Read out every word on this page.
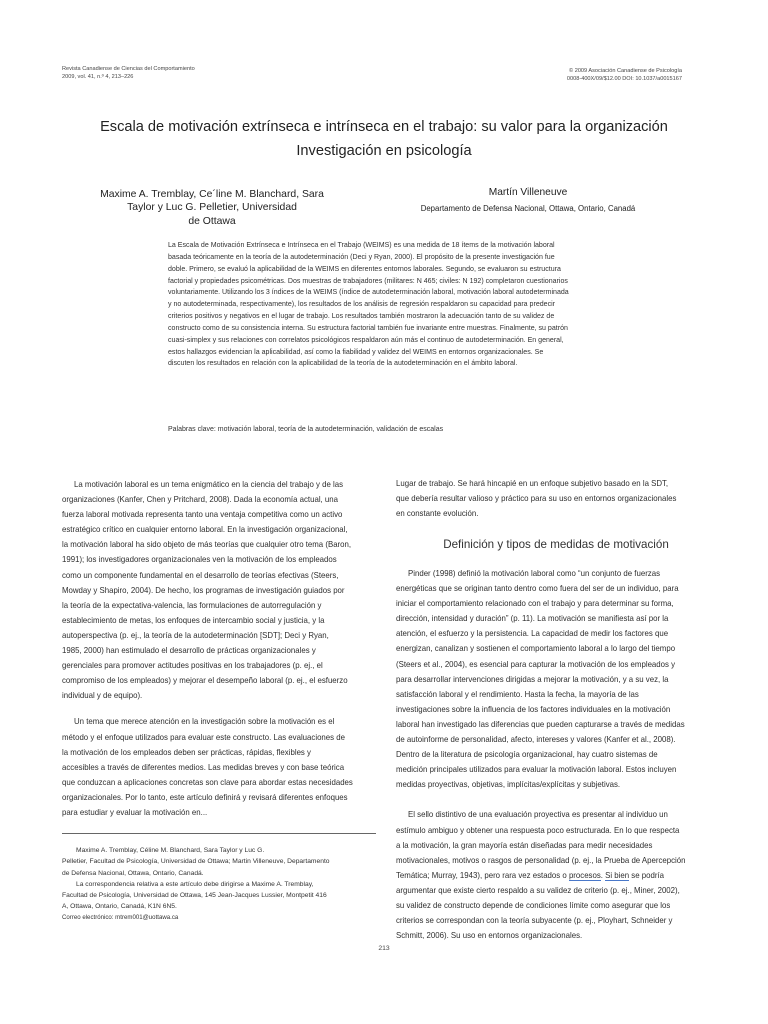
Revista Canadiense de Ciencias del Comportamiento
2009, vol. 41, n.º 4, 213–226
© 2009 Asociación Canadiense de Psicología
0008-400X/09/$12.00 DOI: 10.1037/a0015167
Escala de motivación extrínseca e intrínseca en el trabajo: su valor para la organización
Investigación en psicología
Maxime A. Tremblay, Ce´line M. Blanchard, Sara
Taylor y Luc G. Pelletier, Universidad
de Ottawa
Martín Villeneuve
Departamento de Defensa Nacional, Ottawa, Ontario, Canadá
La Escala de Motivación Extrínseca e Intrínseca en el Trabajo (WEIMS) es una medida de 18 ítems de la motivación laboral
basada teóricamente en la teoría de la autodeterminación (Deci y Ryan, 2000). El propósito de la presente investigación fue
doble. Primero, se evaluó la aplicabilidad de la WEIMS en diferentes entornos laborales. Segundo, se evaluaron su estructura
factorial y propiedades psicométricas. Dos muestras de trabajadores (militares: N 465; civiles: N 192) completaron cuestionarios
voluntariamente. Utilizando los 3 índices de la WEIMS (índice de autodeterminación laboral, motivación laboral autodeterminada
y no autodeterminada, respectivamente), los resultados de los análisis de regresión respaldaron su capacidad para predecir
criterios positivos y negativos en el lugar de trabajo. Los resultados también mostraron la adecuación tanto de su validez de
constructo como de su consistencia interna. Su estructura factorial también fue invariante entre muestras. Finalmente, su patrón
cuasi-simplex y sus relaciones con correlatos psicológicos respaldaron aún más el continuo de autodeterminación. En general,
estos hallazgos evidencian la aplicabilidad, así como la fiabilidad y validez del WEIMS en entornos organizacionales. Se
discuten los resultados en relación con la aplicabilidad de la teoría de la autodeterminación en el ámbito laboral.
Palabras clave: motivación laboral, teoría de la autodeterminación, validación de escalas

La motivación laboral es un tema enigmático en la ciencia del trabajo y de las
organizaciones (Kanfer, Chen y Pritchard, 2008). Dada la economía actual, una
fuerza laboral motivada representa tanto una ventaja competitiva como un activo
estratégico crítico en cualquier entorno laboral. En la investigación organizacional,
la motivación laboral ha sido objeto de más teorías que cualquier otro tema (Baron,
1991); los investigadores organizacionales ven la motivación de los empleados
como un componente fundamental en el desarrollo de teorías efectivas (Steers,
Mowday y Shapiro, 2004). De hecho, los programas de investigación guiados por
la teoría de la expectativa-valencia, las formulaciones de autorregulación y
establecimiento de metas, los enfoques de intercambio social y justicia, y la
autoperspectiva (p. ej., la teoría de la autodeterminación [SDT]; Deci y Ryan,
1985, 2000) han estimulado el desarrollo de prácticas organizacionales y
gerenciales para promover actitudes positivas en los trabajadores (p. ej., el
compromiso de los empleados) y mejorar el desempeño laboral (p. ej., el esfuerzo
individual y de equipo).

Un tema que merece atención en la investigación sobre la motivación es el
método y el enfoque utilizados para evaluar este constructo. Las evaluaciones de
la motivación de los empleados deben ser prácticas, rápidas, flexibles y
accesibles a través de diferentes medios. Las medidas breves y con base teórica
que conduzcan a aplicaciones concretas son clave para abordar estas necesidades
organizacionales. Por lo tanto, este artículo definirá y revisará diferentes enfoques
para estudiar y evaluar la motivación en...

Lugar de trabajo. Se hará hincapié en un enfoque subjetivo basado en la SDT,
que debería resultar valioso y práctico para su uso en entornos organizacionales
en constante evolución.
Definición y tipos de medidas de motivación

Pinder (1998) definió la motivación laboral como “un conjunto de fuerzas
energéticas que se originan tanto dentro como fuera del ser de un individuo, para
iniciar el comportamiento relacionado con el trabajo y para determinar su forma,
dirección, intensidad y duración” (p. 11). La motivación se manifiesta así por la
atención, el esfuerzo y la persistencia. La capacidad de medir los factores que
energizan, canalizan y sostienen el comportamiento laboral a lo largo del tiempo
(Steers et al., 2004), es esencial para capturar la motivación de los empleados y
para desarrollar intervenciones dirigidas a mejorar la motivación, y a su vez, la
satisfacción laboral y el rendimiento. Hasta la fecha, la mayoría de las
investigaciones sobre la influencia de los factores individuales en la motivación
laboral han investigado las diferencias que pueden capturarse a través de medidas
de autoinforme de personalidad, afecto, intereses y valores (Kanfer et al., 2008).
Dentro de la literatura de psicología organizacional, hay cuatro sistemas de
medición principales utilizados para evaluar la motivación laboral. Estos incluyen
medidas proyectivas, objetivas, implícitas/explícitas y subjetivas.

El sello distintivo de una evaluación proyectiva es presentar al individuo un
estímulo ambiguo y obtener una respuesta poco estructurada. En lo que respecta
a la motivación, la gran mayoría están diseñadas para medir necesidades
motivacionales, motivos o rasgos de personalidad (p. ej., la Prueba de Apercepción
Temática; Murray, 1943), pero rara vez estados o procesos. Si bien se podría
argumentar que existe cierto respaldo a su validez de criterio (p. ej., Miner, 2002),
su validez de constructo depende de condiciones límite como asegurar que los
criterios se correspondan con la teoría subyacente (p. ej., Ployhart, Schneider y
Schmitt, 2006). Su uso en entornos organizacionales.

Maxime A. Tremblay, Céline M. Blanchard, Sara Taylor y Luc G.

Pelletier, Facultad de Psicología, Universidad de Ottawa; Martin Villeneuve, Departamento

de Defensa Nacional, Ottawa, Ontario, Canadá.

La correspondencia relativa a este artículo debe dirigirse a Maxime A. Tremblay,

Facultad de Psicología, Universidad de Ottawa, 145 Jean-Jacques Lussier, Montpetit 416

A, Ottawa, Ontario, Canadá, K1N 6N5.

Correo electrónico: mtrem001@uottawa.ca

213
